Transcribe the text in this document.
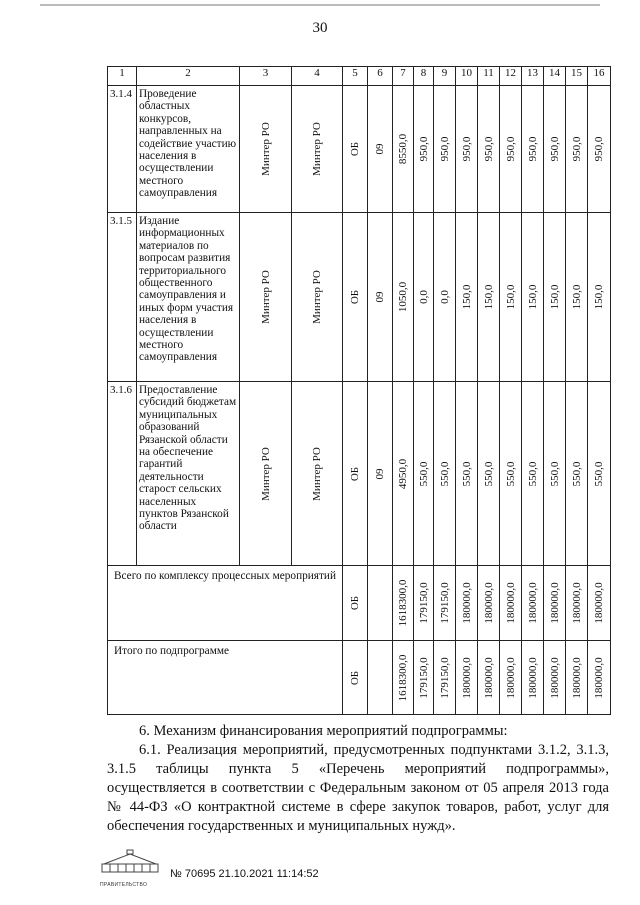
30
1	2	3	4	5	6	7	8	9	10	11	12	13	14	15	16
3.1.4	Проведение областных конкурсов, направленных на содействие участию населения в осуществлении местного самоуправления	Минтер РО	Минтер РО	ОБ	09	8550,0	950,0	950,0	950,0	950,0	950,0	950,0	950,0	950,0	950,0

3.1.5	Издание информационных материалов по вопросам развития территориального общественного самоуправления и иных форм участия населения в осуществлении местного самоуправления	Минтер РО	Минтер РО	ОБ	09	1050,0	0,0	0,0	150,0	150,0	150,0	150,0	150,0	150,0	150,0

3.1.6	Предоставление субсидий бюджетам муниципальных образований Рязанской области на обеспечение гарантий деятельности старост сельских населенных пунктов Рязанской области	Минтер РО	Минтер РО	ОБ	09	4950,0	550,0	550,0	550,0	550,0	550,0	550,0	550,0	550,0	550,0

Всего по комплексу процессных мероприятий				ОБ		1618300,0	179150,0	179150,0	180000,0	180000,0	180000,0	180000,0	180000,0	180000,0	180000,0

Итого по подпрограмме				ОБ		1618300,0	179150,0	179150,0	180000,0	180000,0	180000,0	180000,0	180000,0	180000,0	180000,0
6. Механизм финансирования мероприятий подпрограммы:
6.1. Реализация мероприятий, предусмотренных подпунктами 3.1.2, 3.1.3, 3.1.5 таблицы пункта 5 «Перечень мероприятий подпрограммы», осуществляется в соответствии с Федеральным законом от 05 апреля 2013 года № 44-ФЗ «О контрактной системе в сфере закупок товаров, работ, услуг для обеспечения государственных и муниципальных нужд».
ПРАВИТЕЛЬСТВО
№ 70695 21.10.2021 11:14:52
